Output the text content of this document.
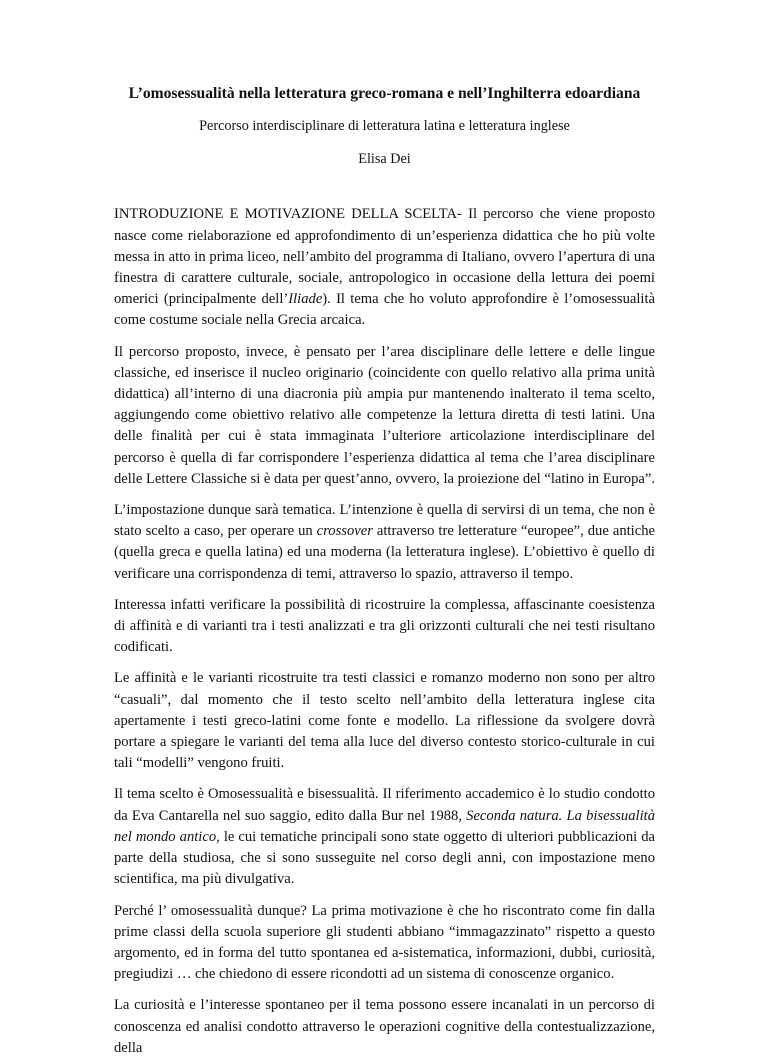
L’omosessualità nella letteratura greco-romana e nell’Inghilterra edoardiana
Percorso interdisciplinare di letteratura latina e letteratura inglese
Elisa Dei

INTRODUZIONE E MOTIVAZIONE DELLA SCELTA- Il percorso che viene proposto nasce come rielaborazione ed approfondimento di un’esperienza didattica che ho più volte messa in atto in prima liceo, nell’ambito del programma di Italiano, ovvero l’apertura di una finestra di carattere culturale, sociale, antropologico in occasione della lettura dei poemi omerici (principalmente dell’Iliade). Il tema che ho voluto approfondire è l’omosessualità come costume sociale nella Grecia arcaica.

Il percorso proposto, invece, è pensato per l’area disciplinare delle lettere e delle lingue classiche, ed inserisce il nucleo originario (coincidente con quello relativo alla prima unità didattica) all’interno di una diacronia più ampia pur mantenendo inalterato il tema scelto, aggiungendo come obiettivo relativo alle competenze la lettura diretta di testi latini. Una delle finalità per cui è stata immaginata l’ulteriore articolazione interdisciplinare del percorso è quella di far corrispondere l’esperienza didattica al tema che l’area disciplinare delle Lettere Classiche si è data per quest’anno, ovvero, la proiezione del “latino in Europa”.

L’impostazione dunque sarà tematica. L’intenzione è quella di servirsi di un tema, che non è stato scelto a caso, per operare un crossover attraverso tre letterature “europee”, due antiche (quella greca e quella latina) ed una moderna (la letteratura inglese). L’obiettivo è quello di verificare una corrispondenza di temi, attraverso lo spazio, attraverso il tempo.

Interessa infatti verificare la possibilità di ricostruire la complessa, affascinante coesistenza di affinità e di varianti tra i testi analizzati e tra gli orizzonti culturali che nei testi risultano codificati.

Le affinità e le varianti ricostruite tra testi classici e romanzo moderno non sono per altro “casuali”, dal momento che il testo scelto nell’ambito della letteratura inglese cita apertamente i testi greco-latini come fonte e modello. La riflessione da svolgere dovrà portare a spiegare le varianti del tema alla luce del diverso contesto storico-culturale in cui tali “modelli” vengono fruiti.

Il tema scelto è Omosessualità e bisessualità. Il riferimento accademico è lo studio condotto da Eva Cantarella nel suo saggio, edito dalla Bur nel 1988, Seconda natura. La bisessualità nel mondo antico, le cui tematiche principali sono state oggetto di ulteriori pubblicazioni da parte della studiosa, che si sono susseguite nel corso degli anni, con impostazione meno scientifica, ma più divulgativa.

Perché l’ omosessualità dunque? La prima motivazione è che ho riscontrato come fin dalla prime classi della scuola superiore gli studenti abbiano “immagazzinato” rispetto a questo argomento, ed in forma del tutto spontanea ed a-sistematica, informazioni, dubbi, curiosità, pregiudizi … che chiedono di essere ricondotti ad un sistema di conoscenze organico.

La curiosità e l’interesse spontaneo per il tema possono essere incanalati in un percorso di conoscenza ed analisi condotto attraverso le operazioni cognitive della contestualizzazione, della
